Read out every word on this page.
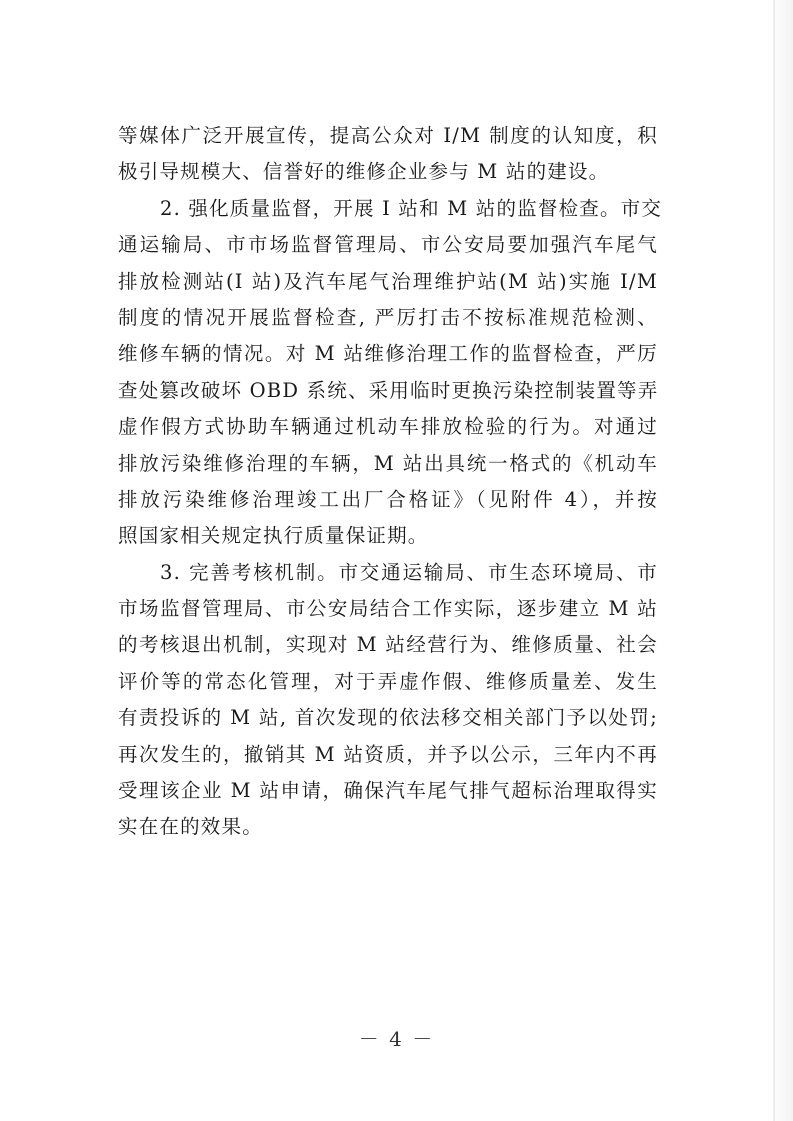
等媒体广泛开展宣传，提高公众对 I/M 制度的认知度，积
极引导规模大、信誉好的维修企业参与 M 站的建设。
2. 强化质量监督，开展 I 站和 M 站的监督检查。市交
通运输局、市市场监督管理局、市公安局要加强汽车尾气
排放检测站(I 站)及汽车尾气治理维护站(M 站)实施 I/M
制度的情况开展监督检查, 严厉打击不按标准规范检测、
维修车辆的情况。对 M 站维修治理工作的监督检查，严厉
查处篡改破坏 OBD 系统、采用临时更换污染控制装置等弄
虚作假方式协助车辆通过机动车排放检验的行为。对通过
排放污染维修治理的车辆，M 站出具统一格式的《机动车
排放污染维修治理竣工出厂合格证》（见附件 4），并按
照国家相关规定执行质量保证期。
3. 完善考核机制。市交通运输局、市生态环境局、市
市场监督管理局、市公安局结合工作实际，逐步建立 M 站
的考核退出机制，实现对 M 站经营行为、维修质量、社会
评价等的常态化管理，对于弄虚作假、维修质量差、发生
有责投诉的 M 站, 首次发现的依法移交相关部门予以处罚;
再次发生的，撤销其 M 站资质，并予以公示，三年内不再
受理该企业 M 站申请，确保汽车尾气排气超标治理取得实
实在在的效果。
－ 4 －
